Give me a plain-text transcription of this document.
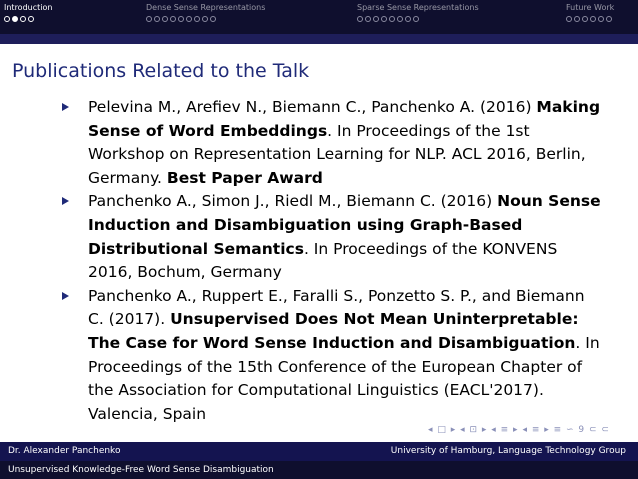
Introduction	Dense Sense Representations	Sparse Sense Representations	Future Work
Publications Related to the Talk
Pelevina M., Arefiev N., Biemann C., Panchenko A. (2016) Making Sense of Word Embeddings. In Proceedings of the 1st Workshop on Representation Learning for NLP. ACL 2016, Berlin, Germany. Best Paper Award
Panchenko A., Simon J., Riedl M., Biemann C. (2016) Noun Sense Induction and Disambiguation using Graph-Based Distributional Semantics. In Proceedings of the KONVENS 2016, Bochum, Germany
Panchenko A., Ruppert E., Faralli S., Ponzetto S. P., and Biemann C. (2017). Unsupervised Does Not Mean Uninterpretable: The Case for Word Sense Induction and Disambiguation. In Proceedings of the 15th Conference of the European Chapter of the Association for Computational Linguistics (EACL'2017). Valencia, Spain
◂ □ ▸ ◂ ⊡ ▸ ◂ ≡ ▸ ◂ ≡ ▸ ≡ ∽ 9 ⊂ ⊂
Dr. Alexander Panchenko	University of Hamburg, Language Technology Group
Unsupervised Knowledge-Free Word Sense Disambiguation
